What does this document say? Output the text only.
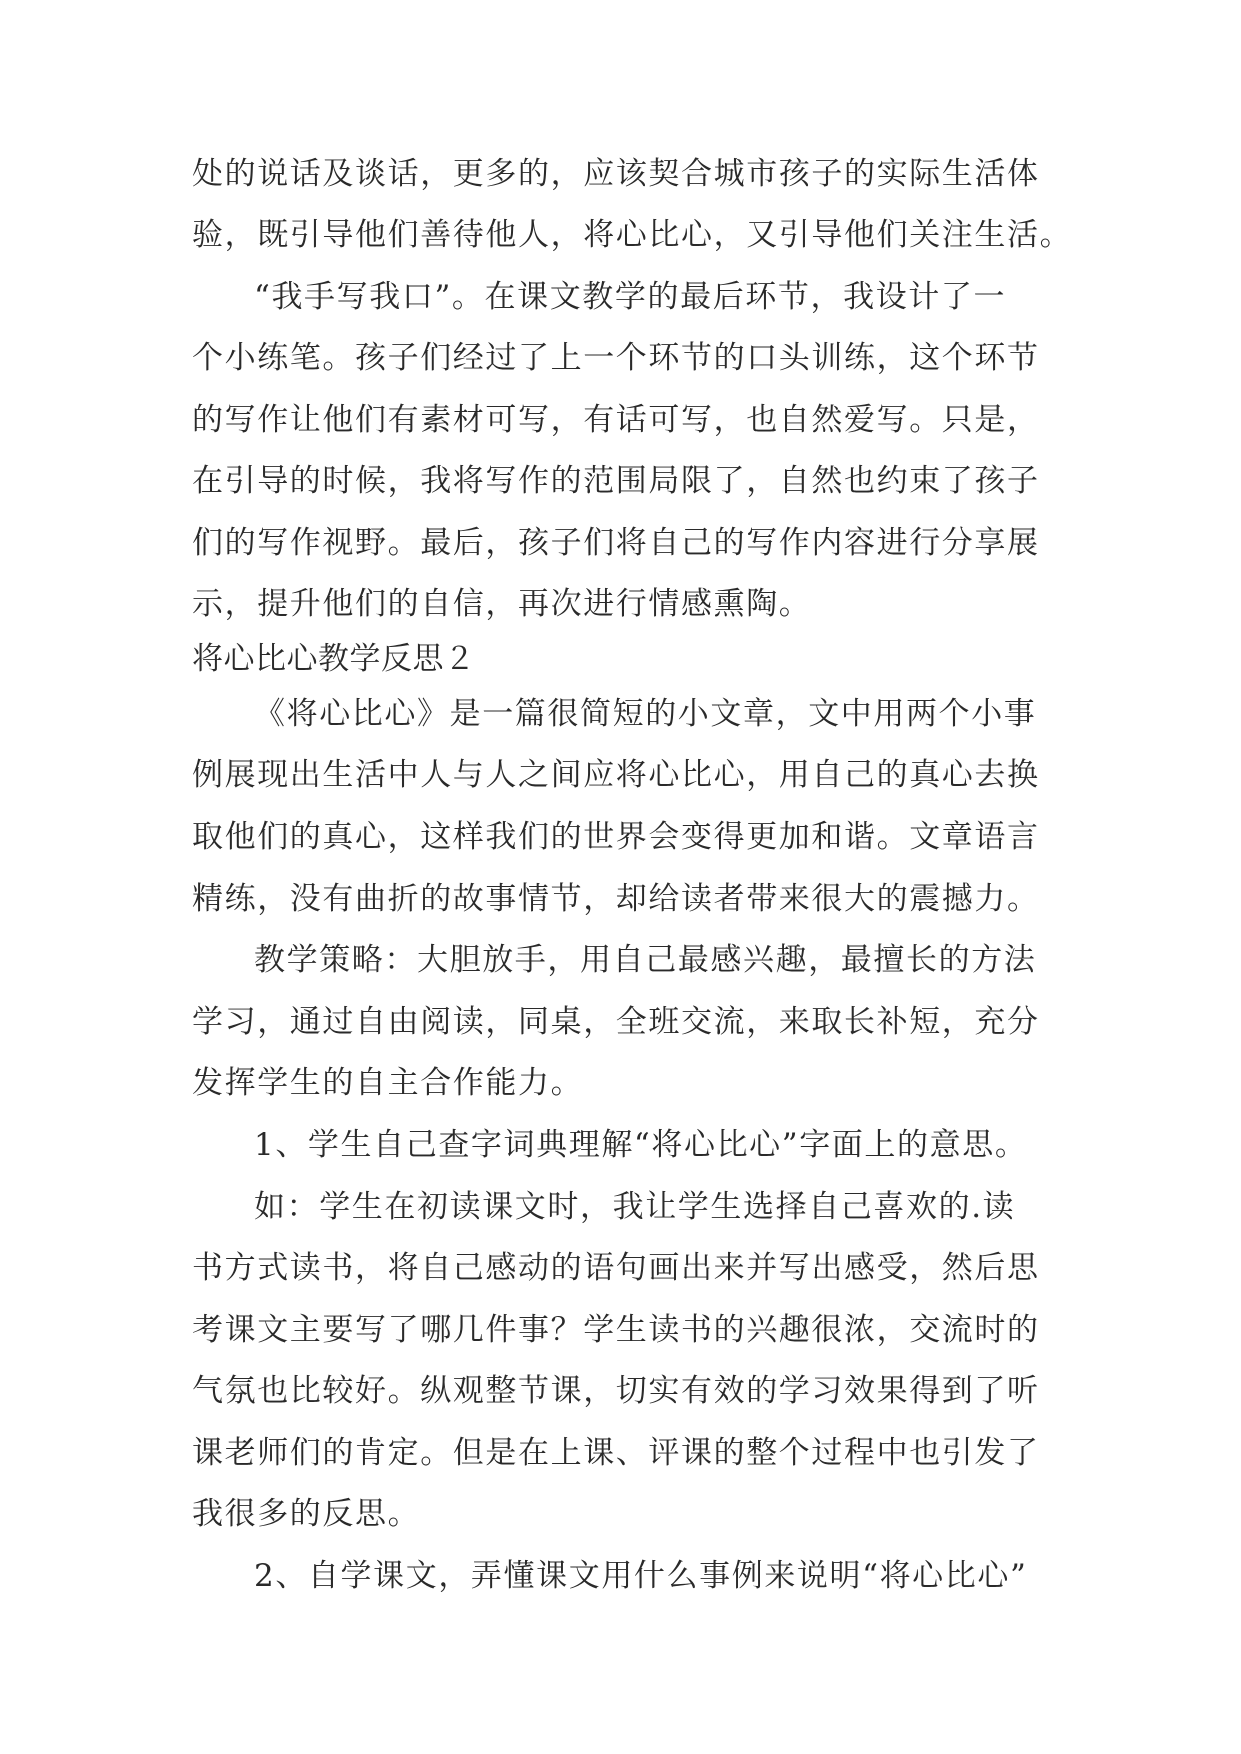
处的说话及谈话，更多的，应该契合城市孩子的实际生活体
验，既引导他们善待他人，将心比心，又引导他们关注生活。
“我手写我口”。在课文教学的最后环节，我设计了一
个小练笔。孩子们经过了上一个环节的口头训练，这个环节
的写作让他们有素材可写，有话可写，也自然爱写。只是，
在引导的时候，我将写作的范围局限了，自然也约束了孩子
们的写作视野。最后，孩子们将自己的写作内容进行分享展
示，提升他们的自信，再次进行情感熏陶。
将心比心教学反思２
《将心比心》是一篇很简短的小文章，文中用两个小事
例展现出生活中人与人之间应将心比心，用自己的真心去换
取他们的真心，这样我们的世界会变得更加和谐。文章语言
精练，没有曲折的故事情节，却给读者带来很大的震撼力。
教学策略：大胆放手，用自己最感兴趣，最擅长的方法
学习，通过自由阅读，同桌，全班交流，来取长补短，充分
发挥学生的自主合作能力。
1、学生自己查字词典理解“将心比心”字面上的意思。
如：学生在初读课文时，我让学生选择自己喜欢的.读
书方式读书，将自己感动的语句画出来并写出感受，然后思
考课文主要写了哪几件事？学生读书的兴趣很浓，交流时的
气氛也比较好。纵观整节课，切实有效的学习效果得到了听
课老师们的肯定。但是在上课、评课的整个过程中也引发了
我很多的反思。
2、自学课文，弄懂课文用什么事例来说明“将心比心”
